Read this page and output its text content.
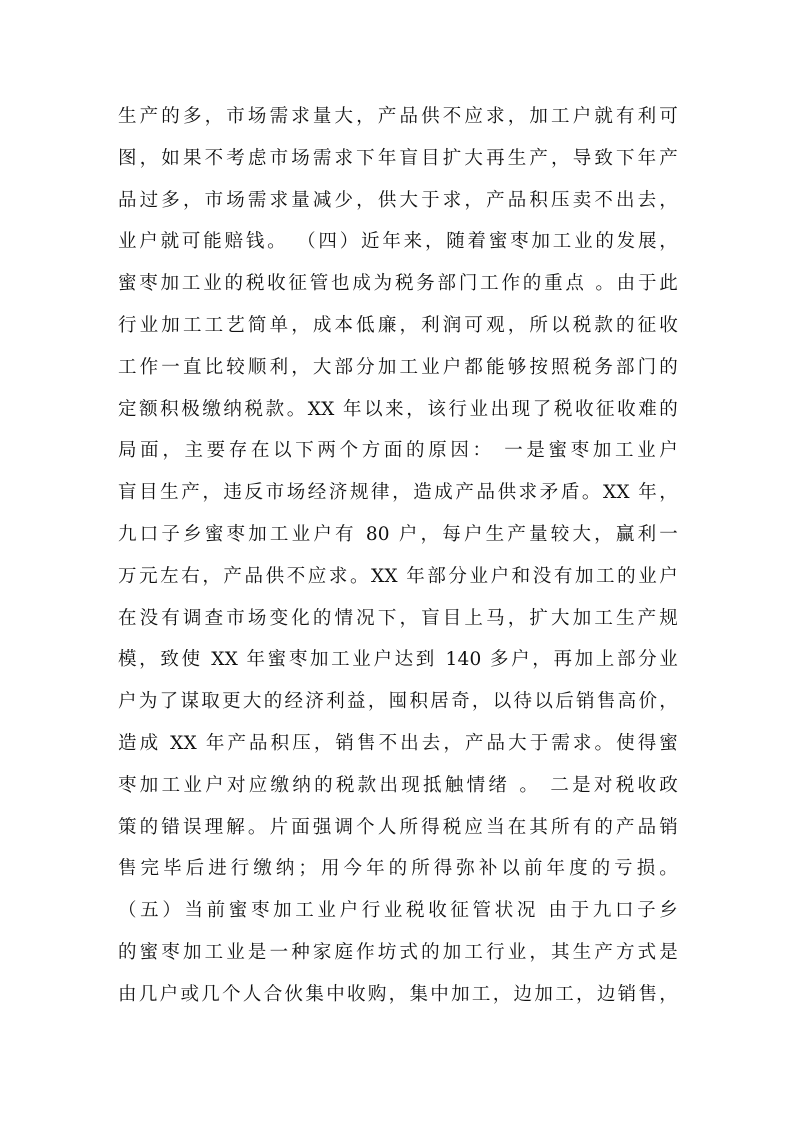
生产的多，市场需求量大，产品供不应求，加工户就有利可
图，如果不考虑市场需求下年盲目扩大再生产，导致下年产
品过多，市场需求量减少，供大于求，产品积压卖不出去，
业户就可能赔钱。 （四）近年来，随着蜜枣加工业的发展，
蜜枣加工业的税收征管也成为税务部门工作的重点 。由于此
行业加工工艺简单，成本低廉，利润可观，所以税款的征收
工作一直比较顺利，大部分加工业户都能够按照税务部门的
定额积极缴纳税款。XX 年以来，该行业出现了税收征收难的
局面，主要存在以下两个方面的原因： 一是蜜枣加工业户
盲目生产，违反市场经济规律，造成产品供求矛盾。XX 年，
九口子乡蜜枣加工业户有 80 户，每户生产量较大，赢利一
万元左右，产品供不应求。XX 年部分业户和没有加工的业户
在没有调查市场变化的情况下，盲目上马，扩大加工生产规
模，致使 XX 年蜜枣加工业户达到 140 多户，再加上部分业
户为了谋取更大的经济利益，囤积居奇，以待以后销售高价，
造成 XX 年产品积压，销售不出去，产品大于需求。使得蜜
枣加工业户对应缴纳的税款出现抵触情绪 。 二是对税收政
策的错误理解。片面强调个人所得税应当在其所有的产品销
售完毕后进行缴纳；用今年的所得弥补以前年度的亏损。
（五）当前蜜枣加工业户行业税收征管状况 由于九口子乡
的蜜枣加工业是一种家庭作坊式的加工行业，其生产方式是
由几户或几个人合伙集中收购，集中加工，边加工，边销售，
